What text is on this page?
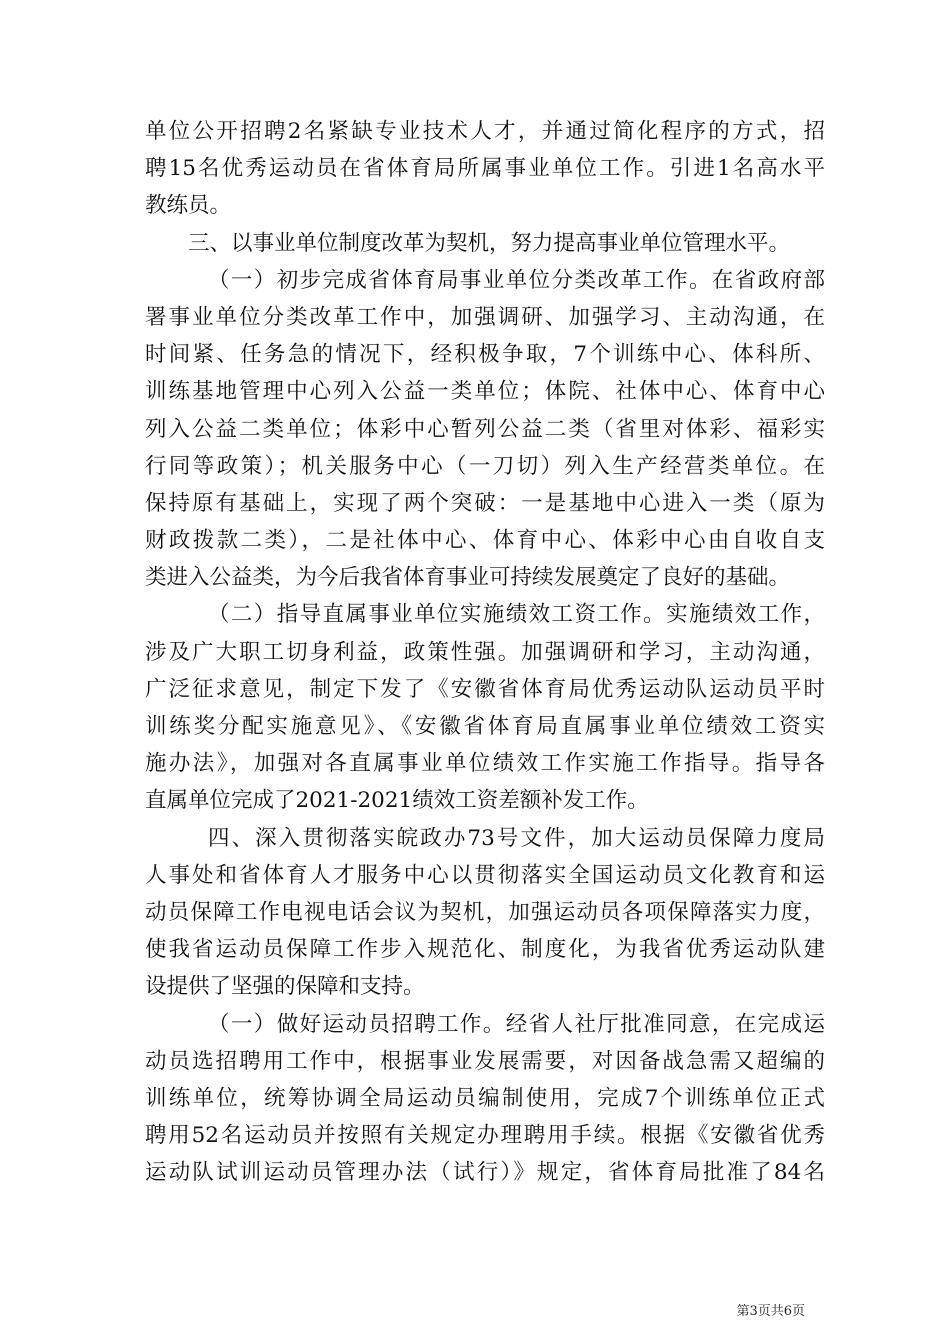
单位公开招聘2名紧缺专业技术人才，并通过简化程序的方式，招
聘15名优秀运动员在省体育局所属事业单位工作。引进1名高水平
教练员。
三、以事业单位制度改革为契机，努力提高事业单位管理水平。
（一）初步完成省体育局事业单位分类改革工作。在省政府部
署事业单位分类改革工作中，加强调研、加强学习、主动沟通，在
时间紧、任务急的情况下，经积极争取，7个训练中心、体科所、
训练基地管理中心列入公益一类单位；体院、社体中心、体育中心
列入公益二类单位；体彩中心暂列公益二类（省里对体彩、福彩实
行同等政策）；机关服务中心（一刀切）列入生产经营类单位。在
保持原有基础上，实现了两个突破：一是基地中心进入一类（原为
财政拨款二类），二是社体中心、体育中心、体彩中心由自收自支
类进入公益类，为今后我省体育事业可持续发展奠定了良好的基础。
（二）指导直属事业单位实施绩效工资工作。实施绩效工作，
涉及广大职工切身利益，政策性强。加强调研和学习，主动沟通，
广泛征求意见，制定下发了《安徽省体育局优秀运动队运动员平时
训练奖分配实施意见》、《安徽省体育局直属事业单位绩效工资实
施办法》，加强对各直属事业单位绩效工作实施工作指导。指导各
直属单位完成了2021-2021绩效工资差额补发工作。
四、深入贯彻落实皖政办73号文件，加大运动员保障力度局
人事处和省体育人才服务中心以贯彻落实全国运动员文化教育和运
动员保障工作电视电话会议为契机，加强运动员各项保障落实力度，
使我省运动员保障工作步入规范化、制度化，为我省优秀运动队建
设提供了坚强的保障和支持。
（一）做好运动员招聘工作。经省人社厅批准同意，在完成运
动员选招聘用工作中，根据事业发展需要，对因备战急需又超编的
训练单位，统筹协调全局运动员编制使用，完成7个训练单位正式
聘用52名运动员并按照有关规定办理聘用手续。根据《安徽省优秀
运动队试训运动员管理办法（试行）》规定，省体育局批准了84名
第3页共6页
